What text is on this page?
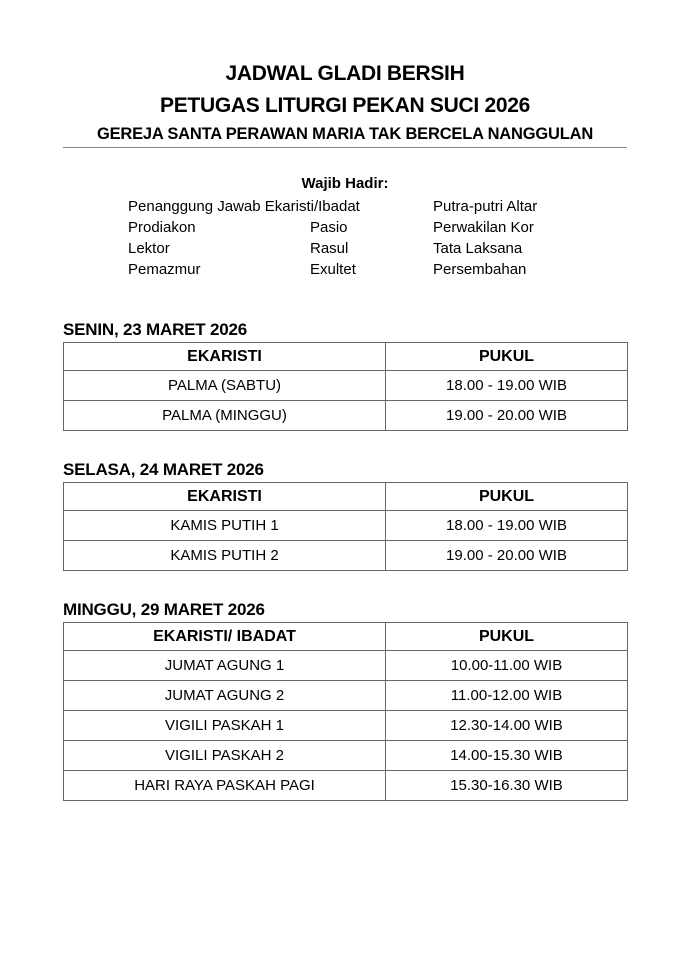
JADWAL GLADI BERSIH
PETUGAS LITURGI PEKAN SUCI 2026
GEREJA SANTA PERAWAN MARIA TAK BERCELA NANGGULAN
Wajib Hadir:
Penanggung Jawab Ekaristi/Ibadat	Putra-putri Altar
Prodiakon	Pasio	Perwakilan Kor
Lektor	Rasul	Tata Laksana
Pemazmur	Exultet	Persembahan
SENIN, 23 MARET 2026
EKARISTI	PUKUL
PALMA (SABTU)	18.00 - 19.00 WIB
PALMA (MINGGU)	19.00 - 20.00 WIB
SELASA, 24 MARET 2026
EKARISTI	PUKUL
KAMIS PUTIH 1	18.00 - 19.00 WIB
KAMIS PUTIH 2	19.00 - 20.00 WIB
MINGGU, 29 MARET 2026
EKARISTI/ IBADAT	PUKUL
JUMAT AGUNG 1	10.00-11.00 WIB
JUMAT AGUNG 2	11.00-12.00 WIB
VIGILI PASKAH 1	12.30-14.00 WIB
VIGILI PASKAH 2	14.00-15.30 WIB
HARI RAYA PASKAH PAGI	15.30-16.30 WIB
